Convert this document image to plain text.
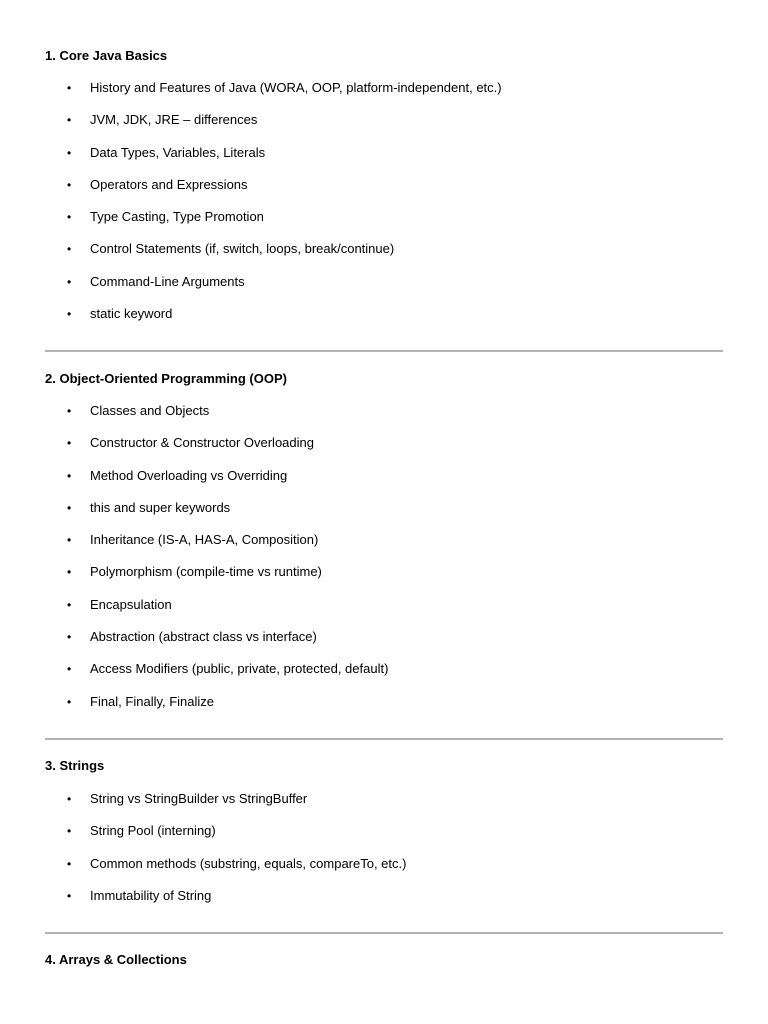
1. Core Java Basics
• History and Features of Java (WORA, OOP, platform-independent, etc.)
• JVM, JDK, JRE – differences
• Data Types, Variables, Literals
• Operators and Expressions
• Type Casting, Type Promotion
• Control Statements (if, switch, loops, break/continue)
• Command-Line Arguments
• static keyword
2. Object-Oriented Programming (OOP)
• Classes and Objects
• Constructor & Constructor Overloading
• Method Overloading vs Overriding
• this and super keywords
• Inheritance (IS-A, HAS-A, Composition)
• Polymorphism (compile-time vs runtime)
• Encapsulation
• Abstraction (abstract class vs interface)
• Access Modifiers (public, private, protected, default)
• Final, Finally, Finalize
3. Strings
• String vs StringBuilder vs StringBuffer
• String Pool (interning)
• Common methods (substring, equals, compareTo, etc.)
• Immutability of String
4. Arrays & Collections
